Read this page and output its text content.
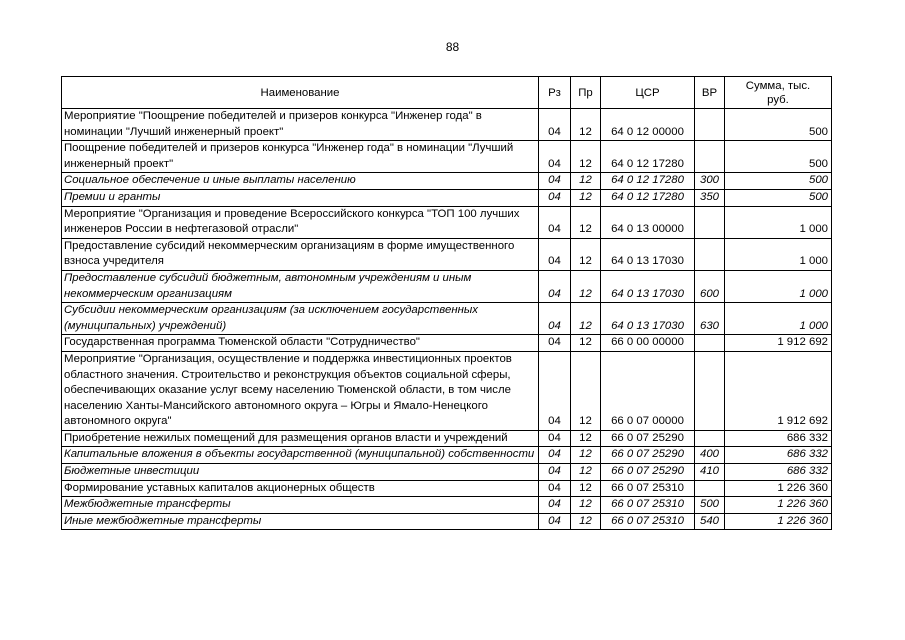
88
Наименование	Рз	Пр	ЦСР	ВР	Сумма, тыс. руб.
Мероприятие "Поощрение победителей и призеров конкурса "Инженер года" в номинации "Лучший инженерный проект"	04	12	64 0 12 00000		500
Поощрение победителей и призеров конкурса "Инженер года" в номинации "Лучший инженерный проект"	04	12	64 0 12 17280		500
Социальное обеспечение и иные выплаты населению	04	12	64 0 12 17280	300	500
Премии и гранты	04	12	64 0 12 17280	350	500
Мероприятие "Организация и проведение Всероссийского конкурса "ТОП 100 лучших инженеров России в нефтегазовой отрасли"	04	12	64 0 13 00000		1 000
Предоставление субсидий некоммерческим организациям в форме имущественного взноса учредителя	04	12	64 0 13 17030		1 000
Предоставление субсидий бюджетным, автономным учреждениям и иным некоммерческим организациям	04	12	64 0 13 17030	600	1 000
Субсидии некоммерческим организациям (за исключением государственных (муниципальных) учреждений)	04	12	64 0 13 17030	630	1 000
Государственная программа Тюменской области "Сотрудничество"	04	12	66 0 00 00000		1 912 692
Мероприятие "Организация, осуществление и поддержка инвестиционных проектов областного значения. Строительство и реконструкция объектов социальной сферы, обеспечивающих оказание услуг всему населению Тюменской области, в том числе населению Ханты-Мансийского автономного округа – Югры и Ямало-Ненецкого автономного округа"	04	12	66 0 07 00000		1 912 692
Приобретение нежилых помещений для размещения органов власти и учреждений	04	12	66 0 07 25290		686 332
Капитальные вложения в объекты государственной (муниципальной) собственности	04	12	66 0 07 25290	400	686 332
Бюджетные инвестиции	04	12	66 0 07 25290	410	686 332
Формирование уставных капиталов акционерных обществ	04	12	66 0 07 25310		1 226 360
Межбюджетные трансферты	04	12	66 0 07 25310	500	1 226 360
Иные межбюджетные трансферты	04	12	66 0 07 25310	540	1 226 360
